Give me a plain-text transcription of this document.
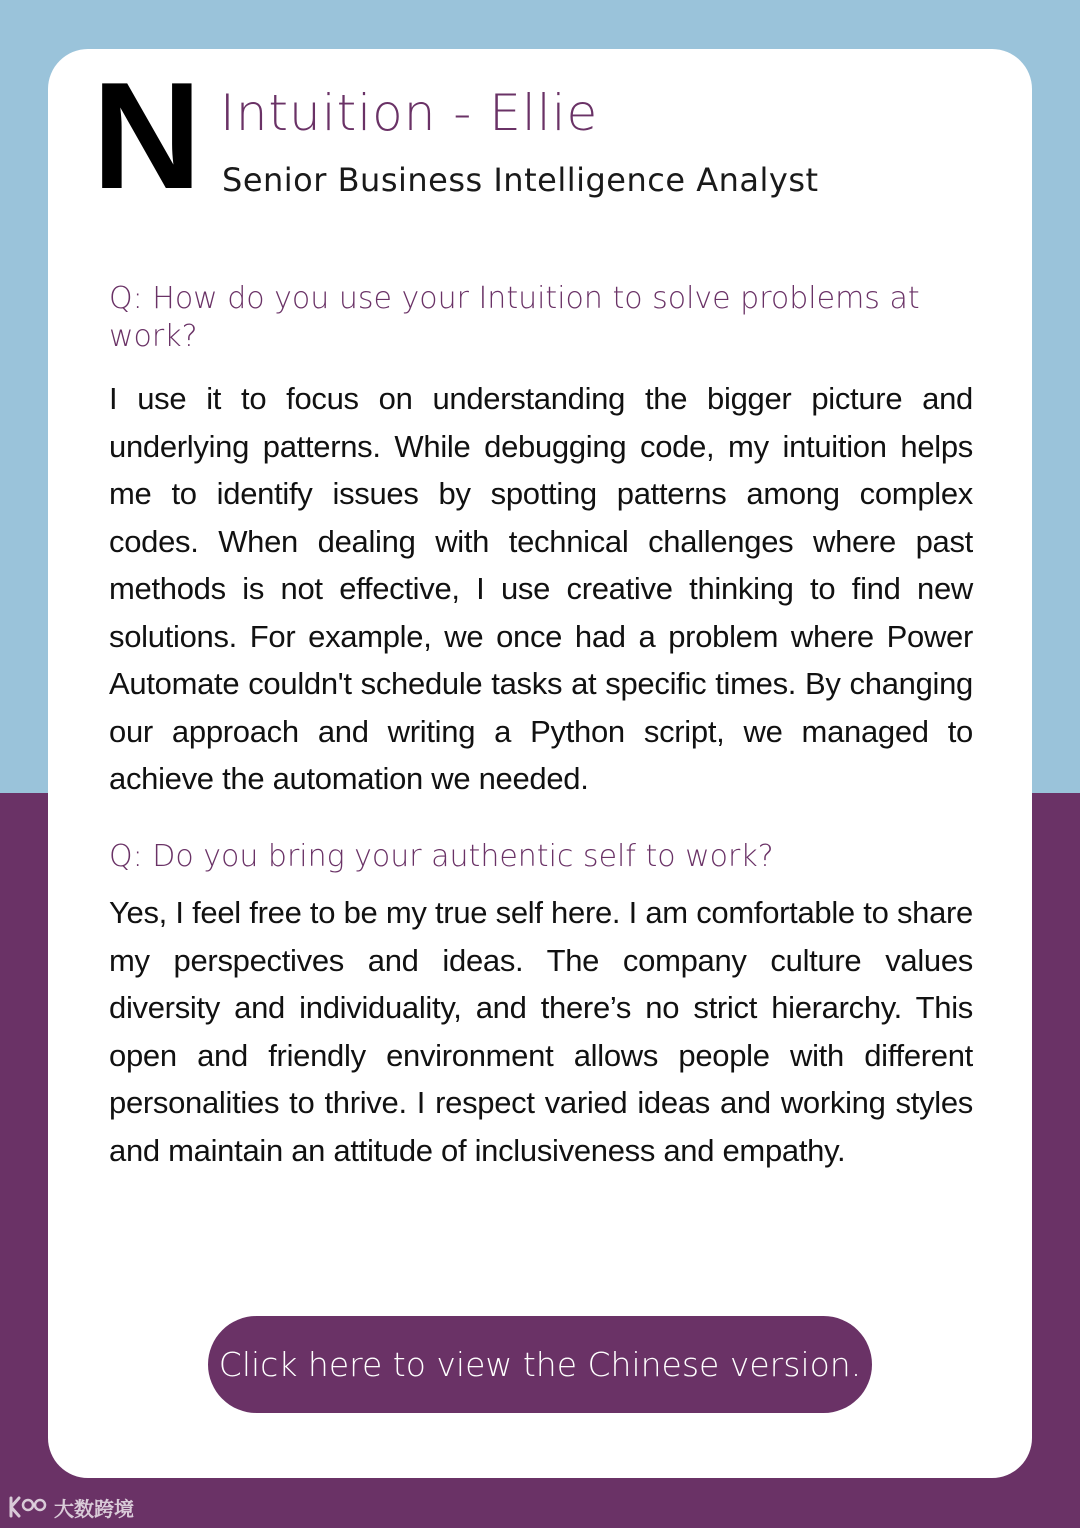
N Intuition - Ellie
Senior Business Intelligence Analyst
Q: How do you use your Intuition to solve problems at work?
I use it to focus on understanding the bigger picture and underlying patterns. While debugging code, my intuition helps me to identify issues by spotting patterns among complex codes. When dealing with technical challenges where past methods is not effective, I use creative thinking to find new solutions. For example, we once had a problem where Power Automate couldn't schedule tasks at specific times. By changing our approach and writing a Python script, we managed to achieve the automation we needed.
Q: Do you bring your authentic self to work?
Yes, I feel free to be my true self here. I am comfortable to share my perspectives and ideas. The company culture values diversity and individuality, and there’s no strict hierarchy. This open and friendly environment allows people with different personalities to thrive. I respect varied ideas and working styles and maintain an attitude of inclusiveness and empathy.
Click here to view the Chinese version.
大数跨境
